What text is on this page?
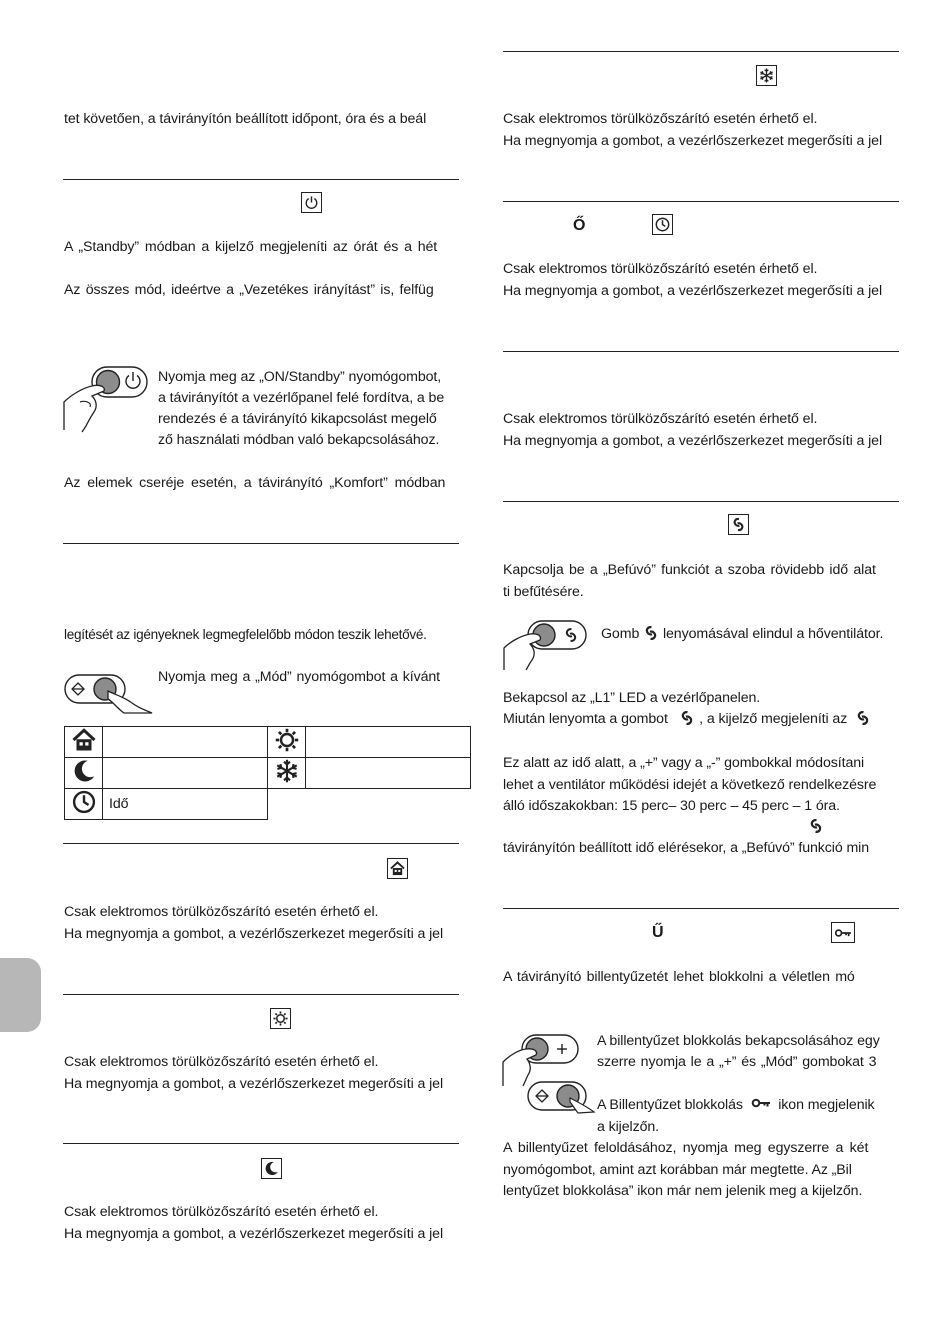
tet követően, a távirányítón beállított időpont, óra és a beál
A „Standby” módban a kijelző megjeleníti az órát és a hét
Az összes mód, ideértve a „Vezetékes irányítást” is, felfüg
Nyomja meg az „ON/Standby” nyomógombot,
a távirányítót a vezérlőpanel felé fordítva, a be
rendezés é a távirányító kikapcsolást megelő
ző használati módban való bekapcsolásához.
Az elemek cseréje esetén, a távirányító „Komfort” módban
legítését az igényeknek legmegfelelőbb módon teszik lehetővé.
Nyomja meg a „Mód” nyomógombot a kívánt

	Idő		
Csak elektromos törülközőszárító esetén érhető el.
Ha megnyomja a gombot, a vezérlőszerkezet megerősíti a jel
Csak elektromos törülközőszárító esetén érhető el.
Ha megnyomja a gombot, a vezérlőszerkezet megerősíti a jel
Csak elektromos törülközőszárító esetén érhető el.
Ha megnyomja a gombot, a vezérlőszerkezet megerősíti a jel
Csak elektromos törülközőszárító esetén érhető el.
Ha megnyomja a gombot, a vezérlőszerkezet megerősíti a jel
Ő
Csak elektromos törülközőszárító esetén érhető el.
Ha megnyomja a gombot, a vezérlőszerkezet megerősíti a jel
Csak elektromos törülközőszárító esetén érhető el.
Ha megnyomja a gombot, a vezérlőszerkezet megerősíti a jel
Kapcsolja be a „Befúvó” funkciót a szoba rövidebb idő alat
ti befűtésére.
Gomb lenyomásával elindul a hőventilátor.
Bekapcsol az „L1” LED a vezérlőpanelen.
Miután lenyomta a gombot , a kijelző megjeleníti az
Ez alatt az idő alatt, a „+” vagy a „-” gombokkal módosítani
lehet a ventilátor működési idejét a következő rendelkezésre
álló időszakokban: 15 perc– 30 perc – 45 perc – 1 óra.
távirányítón beállított idő elérésekor, a „Befúvó” funkció min
Ű
A távirányító billentyűzetét lehet blokkolni a véletlen mó
A billentyűzet blokkolás bekapcsolásához egy
szerre nyomja le a „+” és „Mód” gombokat 3
A Billentyűzet blokkolás ikon megjelenik
a kijelzőn.
A billentyűzet feloldásához, nyomja meg egyszerre a két
nyomógombot, amint azt korábban már megtette. Az „Bil
lentyűzet blokkolása” ikon már nem jelenik meg a kijelzőn.
